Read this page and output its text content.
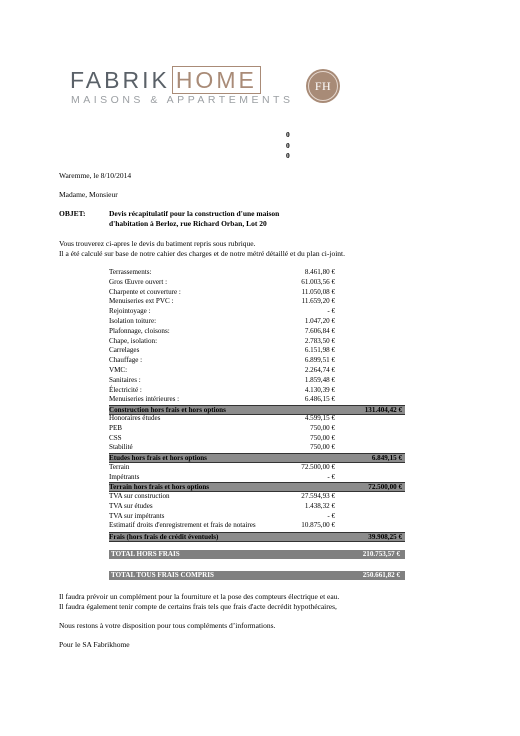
FABRIK HOME
MAISONS & APPARTEMENTS
FH
0
0
0
Waremme, le 8/10/2014
Madame, Monsieur
OBJET:	Devis récapitulatif pour la construction d'une maison
d'habitation à Berloz, rue Richard Orban, Lot 20
Vous trouverez ci-apres le devis du batiment repris sous rubrique.
Il a été calculé sur base de notre cahier des charges et de notre métré détaillé et du plan ci-joint.
Terrassements:	8.461,80 €
Gros Œuvre ouvert :	61.003,56 €
Charpente et couverture :	11.050,08 €
Menuiseries ext PVC :	11.659,20 €
Rejointoyage :	- €
Isolation toiture:	1.047,20 €
Plafonnage, cloisons:	7.606,84 €
Chape, isolation:	2.783,50 €
Carrelages	6.151,98 €
Chauffage :	6.899,51 €
VMC:	2.264,74 €
Sanitaires :	1.859,48 €
Électricité :	4.130,39 €
Menuiseries intérieures :	6.486,15 €
Construction hors frais et hors options	131.404,42 €
Honoraires études	4.599,15 €
PEB	750,00 €
CSS	750,00 €
Stabilité	750,00 €
Etudes hors frais et hors options	6.849,15 €
Terrain	72.500,00 €
Impétrants	- €
Terrain hors frais et hors options	72.500,00 €
TVA sur construction	27.594,93 €
TVA sur études	1.438,32 €
TVA sur impétrants	- €
Estimatif droits d'enregistrement et frais de notaires	10.875,00 €
Frais (hors frais de crédit éventuels)	39.908,25 €
TOTAL HORS FRAIS	210.753,57 €
TOTAL TOUS FRAIS COMPRIS	250.661,82 €
Il faudra prévoir un complément pour la fourniture et la pose des compteurs électrique et eau.
Il faudra également tenir compte de certains frais tels que frais d'acte decrédit hypothécaires,
Nous restons à votre disposition pour tous compléments d’informations.
Pour le SA Fabrikhome
